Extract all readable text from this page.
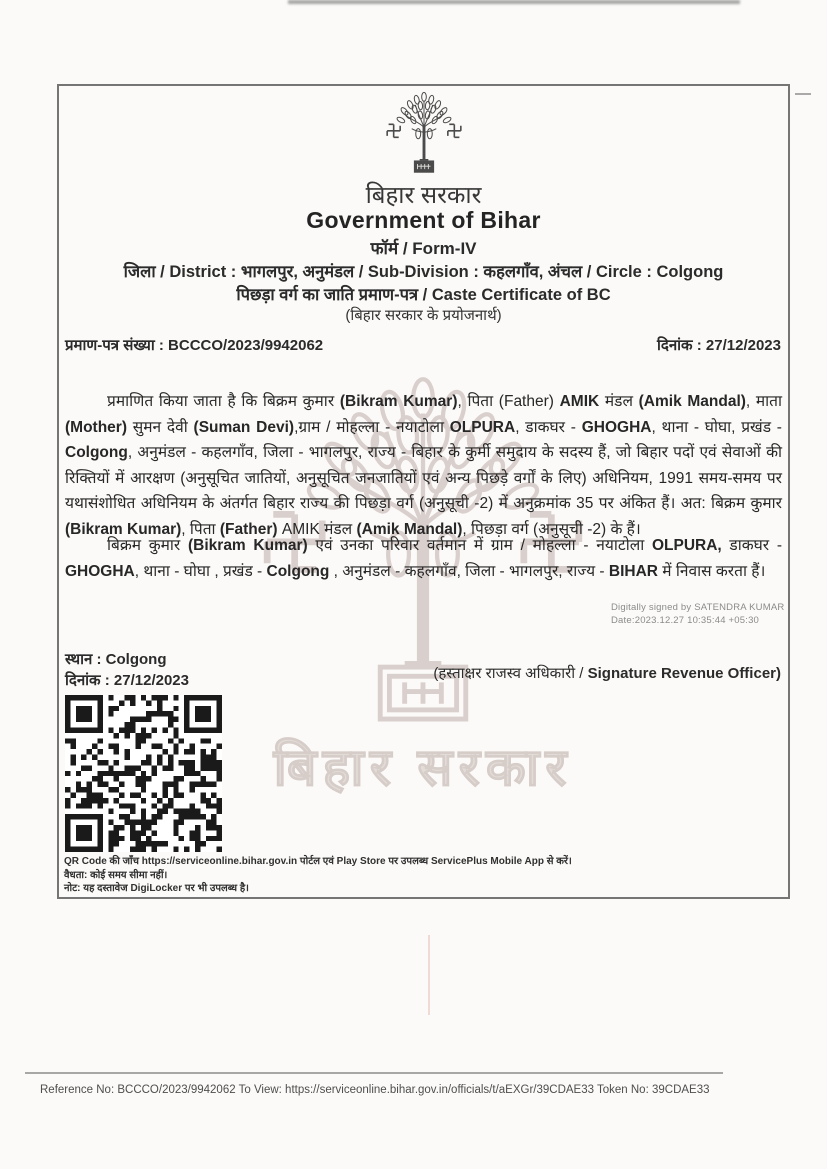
बिहार सरकार
बिहार सरकार
Government of Bihar
फॉर्म / Form-IV
जिला / District : भागलपुर, अनुमंडल / Sub-Division : कहलगाँव, अंचल / Circle : Colgong
पिछड़ा वर्ग का जाति प्रमाण-पत्र / Caste Certificate of BC
(बिहार सरकार के प्रयोजनार्थ)
दिनांक : 27/12/2023
प्रमाण-पत्र संख्या : BCCCO/2023/9942062
प्रमाणित किया जाता है कि बिक्रम कुमार (Bikram Kumar), पिता (Father) AMIK मंडल (Amik Mandal), माता (Mother) सुमन देवी (Suman Devi),ग्राम / मोहल्ला - नयाटोला OLPURA, डाकघर - GHOGHA, थाना - घोघा, प्रखंड - Colgong, अनुमंडल - कहलगाँव, जिला - भागलपुर, राज्य - बिहार के कुर्मी समुदाय के सदस्य हैं, जो बिहार पदों एवं सेवाओं की रिक्तियों में आरक्षण (अनुसूचित जातियों, अनुसूचित जनजातियों एवं अन्य पिछड़े वर्गों के लिए) अधिनियम, 1991 समय-समय पर यथासंशोधित अधिनियम के अंतर्गत बिहार राज्य की पिछड़ा वर्ग (अनुसूची -2) में अनुक्रमांक 35 पर अंकित हैं। अत: बिक्रम कुमार (Bikram Kumar), पिता (Father) AMIK मंडल (Amik Mandal), पिछड़ा वर्ग (अनुसूची -2) के हैं।
बिक्रम कुमार (Bikram Kumar) एवं उनका परिवार वर्तमान में ग्राम / मोहल्ला - नयाटोला OLPURA, डाकघर - GHOGHA, थाना - घोघा , प्रखंड - Colgong , अनुमंडल - कहलगाँव, जिला - भागलपुर, राज्य - BIHAR में निवास करता हैं।
Digitally signed by SATENDRA KUMAR
Date:2023.12.27 10:35:44 +05:30
स्थान : Colgong
दिनांक : 27/12/2023	(हस्ताक्षर राजस्व अधिकारी / Signature Revenue Officer)
QR Code की जाँच https://serviceonline.bihar.gov.in पोर्टल एवं Play Store पर उपलब्ध ServicePlus Mobile App से करें।
वैधता: कोई समय सीमा नहीं।
नोट: यह दस्तावेज DigiLocker पर भी उपलब्ध है।
Reference No: BCCCO/2023/9942062 To View: https://serviceonline.bihar.gov.in/officials/t/aEXGr/39CDAE33 Token No: 39CDAE33
